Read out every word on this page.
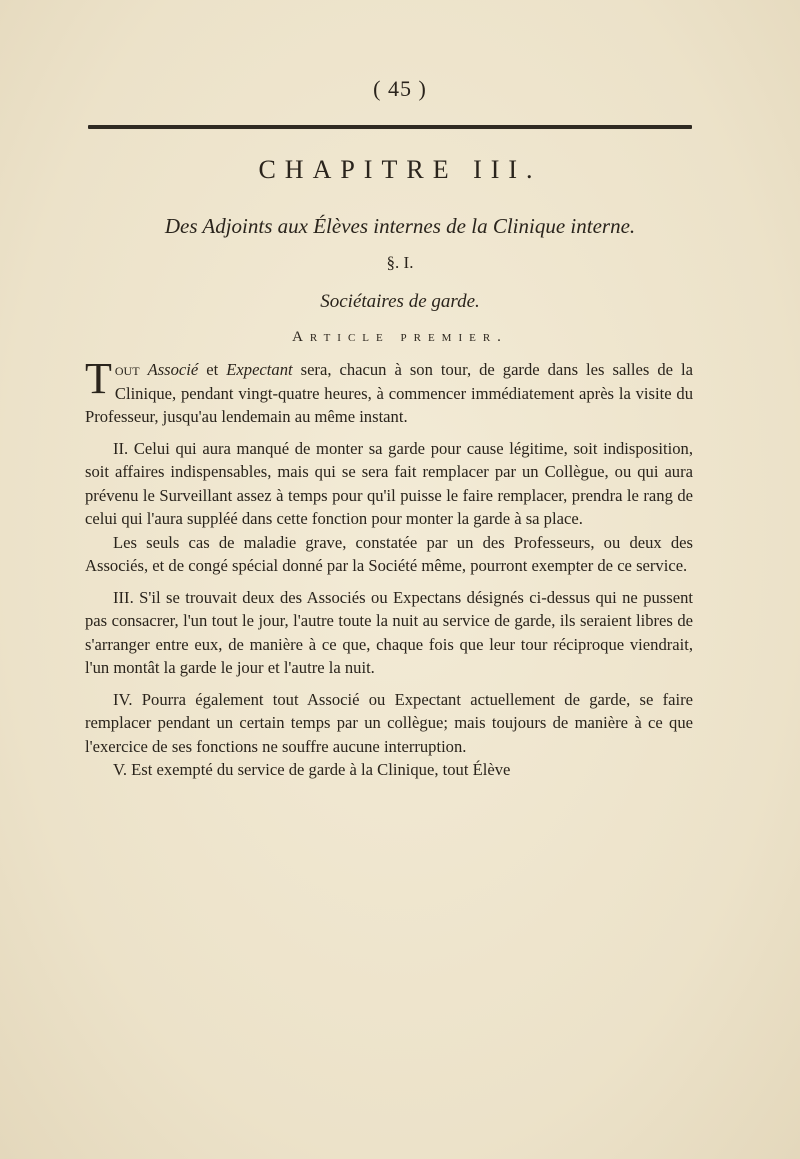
( 45 )
CHAPITRE III.
Des Adjoints aux Élèves internes de la Clinique interne.
§. I.
Sociétaires de garde.
Article premier.

Tout Associé et Expectant sera, chacun à son tour, de garde dans les salles de la Clinique, pendant vingt-quatre heures, à commencer immédiatement après la visite du Professeur, jusqu'au lendemain au même instant.

II. Celui qui aura manqué de monter sa garde pour cause légitime, soit indisposition, soit affaires indispensables, mais qui se sera fait remplacer par un Collègue, ou qui aura prévenu le Surveillant assez à temps pour qu'il puisse le faire remplacer, prendra le rang de celui qui l'aura suppléé dans cette fonction pour monter la garde à sa place.

Les seuls cas de maladie grave, constatée par un des Professeurs, ou deux des Associés, et de congé spécial donné par la Société même, pourront exempter de ce service.

III. S'il se trouvait deux des Associés ou Expectans désignés ci-dessus qui ne pussent pas consacrer, l'un tout le jour, l'autre toute la nuit au service de garde, ils seraient libres de s'arranger entre eux, de manière à ce que, chaque fois que leur tour réciproque viendrait, l'un montât la garde le jour et l'autre la nuit.

IV. Pourra également tout Associé ou Expectant actuellement de garde, se faire remplacer pendant un certain temps par un collègue; mais toujours de manière à ce que l'exercice de ses fonctions ne souffre aucune interruption.

V. Est exempté du service de garde à la Clinique, tout Élève
